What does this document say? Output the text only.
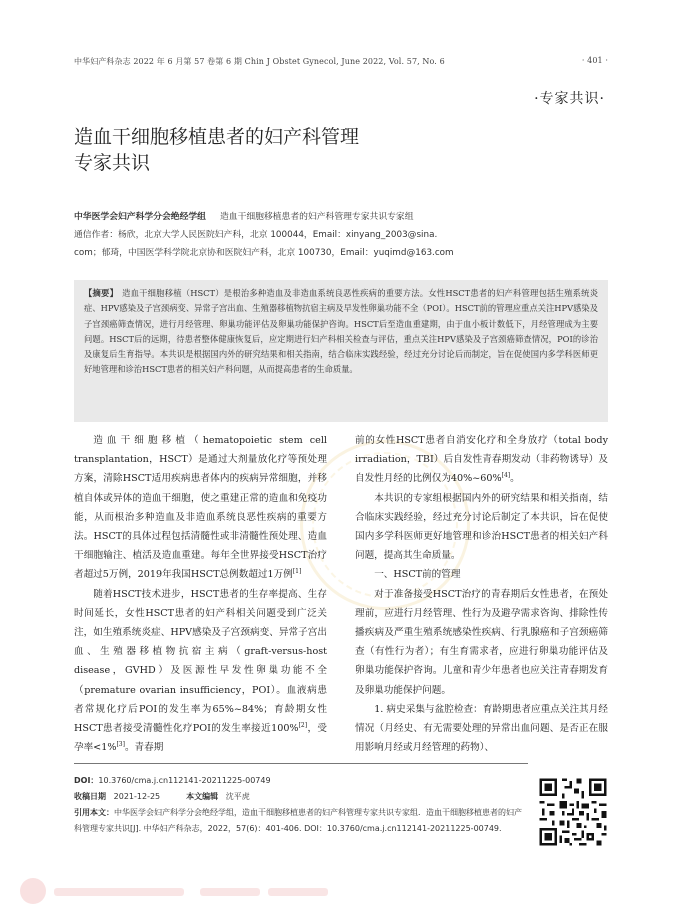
中华妇产科杂志 2022 年 6 月第 57 卷第 6 期 Chin J Obstet Gynecol, June 2022, Vol. 57, No. 6	· 401 ·
·专家共识·
造血干细胞移植患者的妇产科管理
专家共识
中华医学会妇产科学分会绝经学组 造血干细胞移植患者的妇产科管理专家共识专家组
通信作者：杨欣，北京大学人民医院妇产科，北京 100044，Email：xinyang_2003@sina.
com；郁琦，中国医学科学院北京协和医院妇产科，北京 100730，Email：yuqimd@163.com
【摘要】 造血干细胞移植（HSCT）是根治多种造血及非造血系统良恶性疾病的重要方法。女性HSCT患者的妇产科管理包括生殖系统炎症、HPV感染及子宫颈病变、异常子宫出血、生殖器移植物抗宿主病及早发性卵巢功能不全（POI）。HSCT前的管理应重点关注HPV感染及子宫颈癌筛查情况，进行月经管理、卵巢功能评估及卵巢功能保护咨询。HSCT后至造血重建期，由于血小板计数低下，月经管理成为主要问题。HSCT后的远期，待患者整体健康恢复后，应定期进行妇产科相关检查与评估，重点关注HPV感染及子宫颈癌筛查情况，POI的诊治及康复后生育指导。本共识是根据国内外的研究结果和相关指南，结合临床实践经验，经过充分讨论后而制定，旨在促使国内多学科医师更好地管理和诊治HSCT患者的相关妇产科问题，从而提高患者的生命质量。

造血干细胞移植（hematopoietic stem cell transplantation，HSCT）是通过大剂量放化疗等预处理方案，清除HSCT适用疾病患者体内的疾病异常细胞，并移植自体或异体的造血干细胞，使之重建正常的造血和免疫功能，从而根治多种造血及非造血系统良恶性疾病的重要方法。HSCT的具体过程包括清髓性或非清髓性预处理、造血干细胞输注、植活及造血重建。每年全世界接受HSCT治疗者超过5万例，2019年我国HSCT总例数超过1万例[1]

随着HSCT技术进步，HSCT患者的生存率提高、生存时间延长，女性HSCT患者的妇产科相关问题受到广泛关注，如生殖系统炎症、HPV感染及子宫颈病变、异常子宫出血、生殖器移植物抗宿主病（graft-versus-host disease，GVHD）及医源性早发性卵巢功能不全（premature ovarian insufficiency，POI）。血液病患者常规化疗后POI的发生率为65%~84%；育龄期女性HSCT患者接受清髓性化疗POI的发生率接近100%[2]，受孕率<1%[3]。青春期

前的女性HSCT患者自消安化疗和全身放疗（total body irradiation，TBI）后自发性青春期发动（非药物诱导）及自发性月经的比例仅为40%~60%[4]。

本共识的专家组根据国内外的研究结果和相关指南，结合临床实践经验，经过充分讨论后制定了本共识，旨在促使国内多学科医师更好地管理和诊治HSCT患者的相关妇产科问题，提高其生命质量。

一、HSCT前的管理

对于准备接受HSCT治疗的青春期后女性患者，在预处理前，应进行月经管理、性行为及避孕需求咨询、排除性传播疾病及严重生殖系统感染性疾病、行乳腺癌和子宫颈癌筛查（有性行为者）；有生育需求者，应进行卵巢功能评估及卵巢功能保护咨询。儿童和青少年患者也应关注青春期发育及卵巢功能保护问题。

1. 病史采集与盆腔检查：育龄期患者应重点关注其月经情况（月经史、有无需要处理的异常出血问题、是否正在服用影响月经或月经管理的药物）、

DOI：10.3760/cma.j.cn112141-20211225-00749
收稿日期 2021-12-25	本文编辑 沈平虎
引用本文：中华医学会妇产科学分会绝经学组，造血干细胞移植患者的妇产科管理专家共识专家组．造血干细胞移植患者的妇产科管理专家共识[J]. 中华妇产科杂志，2022，57(6)：401-406. DOI：10.3760/cma.j.cn112141-20211225-00749.
